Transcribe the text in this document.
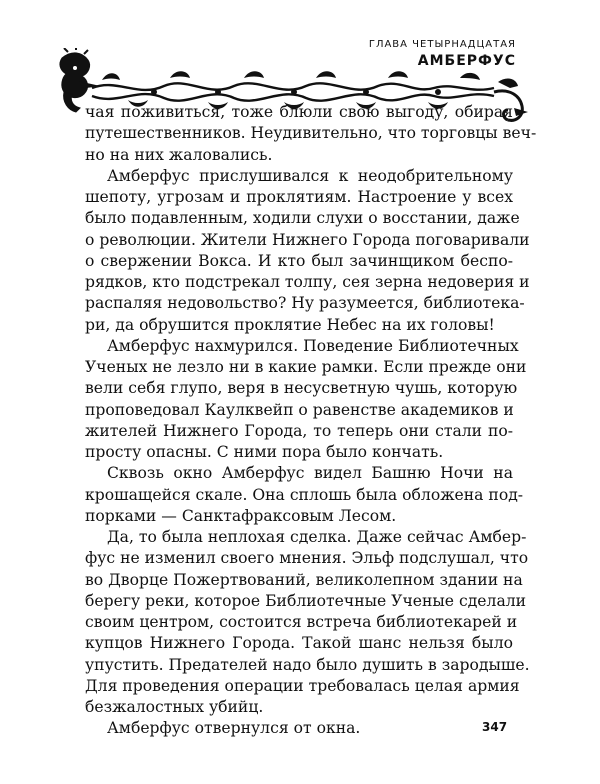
ГЛАВА ЧЕТЫРНАДЦАТАЯ
АМБЕРФУС
чая поживиться, тоже блюли свою выгоду, обирая
путешественников. Неудивительно, что торговцы веч-
но на них жаловались.
Амберфус прислушивался к неодобрительному
шепоту, угрозам и проклятиям. Настроение у всех
было подавленным, ходили слухи о восстании, даже
о революции. Жители Нижнего Города поговаривали
о свержении Вокса. И кто был зачинщиком беспо-
рядков, кто подстрекал толпу, сея зерна недоверия и
распаляя недовольство? Ну разумеется, библиотека-
ри, да обрушится проклятие Небес на их головы!
Амберфус нахмурился. Поведение Библиотечных
Ученых не лезло ни в какие рамки. Если прежде они
вели себя глупо, веря в несусветную чушь, которую
проповедовал Каулквейп о равенстве академиков и
жителей Нижнего Города, то теперь они стали по-
просту опасны. С ними пора было кончать.
Сквозь окно Амберфус видел Башню Ночи на
крошащейся скале. Она сплошь была обложена под-
порками — Санктафраксовым Лесом.
Да, то была неплохая сделка. Даже сейчас Амбер-
фус не изменил своего мнения. Эльф подслушал, что
во Дворце Пожертвований, великолепном здании на
берегу реки, которое Библиотечные Ученые сделали
своим центром, состоится встреча библиотекарей и
купцов Нижнего Города. Такой шанс нельзя было
упустить. Предателей надо было душить в зародыше.
Для проведения операции требовалась целая армия
безжалостных убийц.
Амберфус отвернулся от окна.	347
